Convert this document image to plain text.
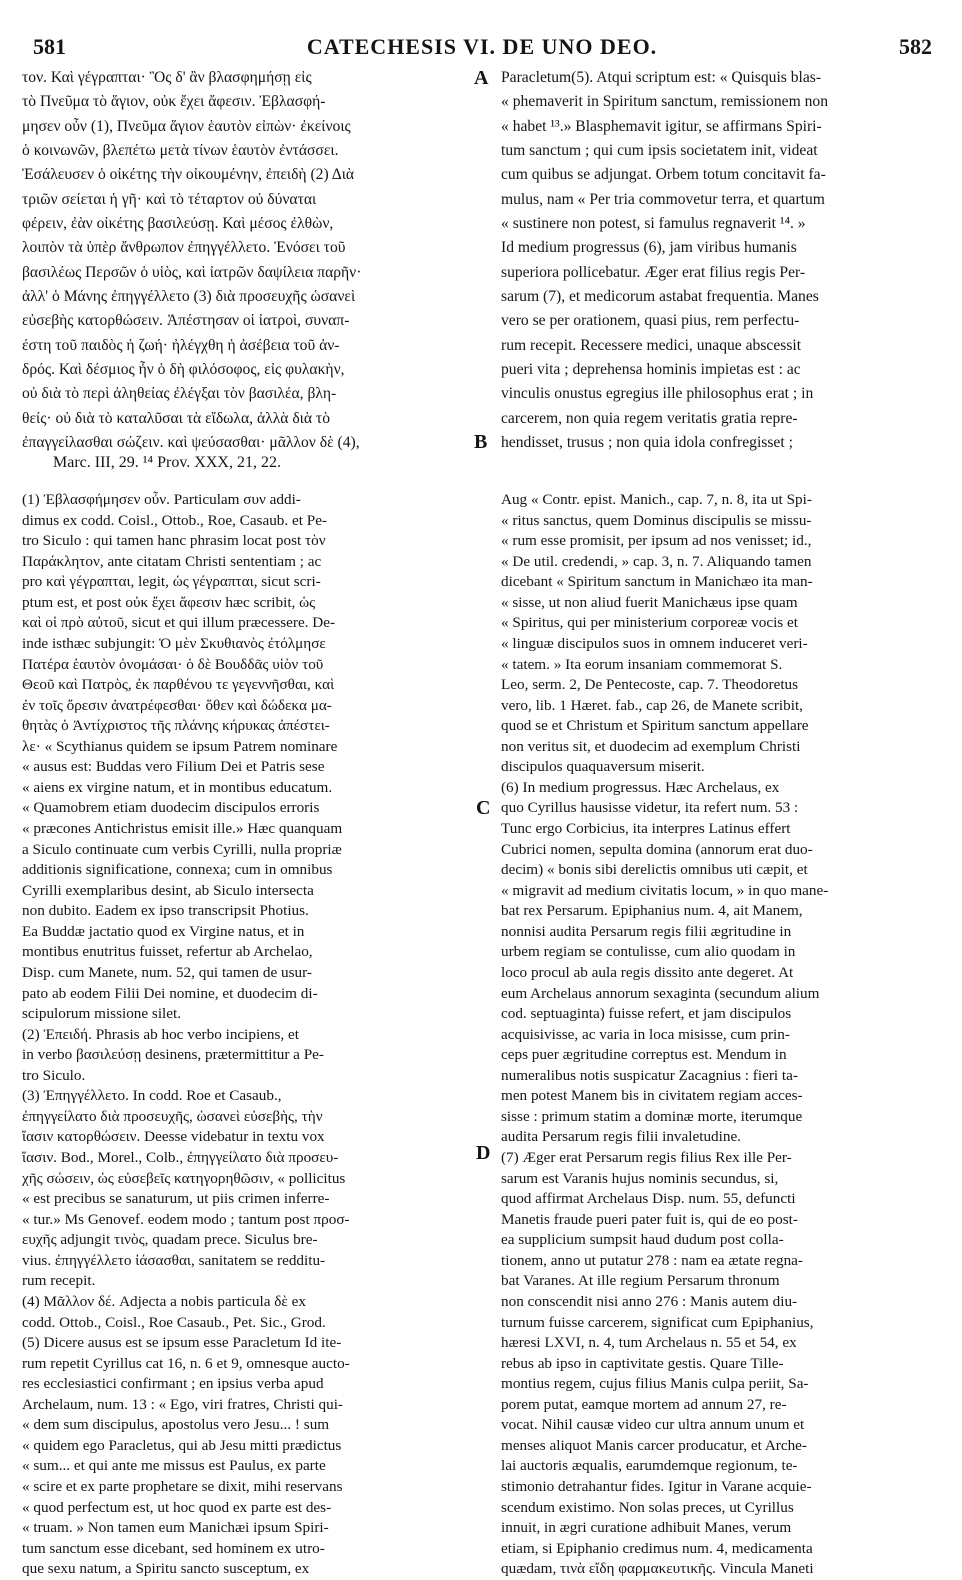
581	CATECHESIS VI. DE UNO DEO.	582
τον. Καὶ γέγραπται· Ὃς δ' ἂν βλασφημήσῃ εἰς
τὸ Πνεῦμα τὸ ἅγιον, οὐκ ἔχει ἄφεσιν. Ἐβλασφή-
μησεν οὖν (1), Πνεῦμα ἅγιον ἑαυτὸν εἰπὼν· ἐκείνοις
ὁ κοινωνῶν, βλεπέτω μετὰ τίνων ἑαυτὸν ἐντάσσει.
Ἐσάλευσεν ὁ οἰκέτης τὴν οἰκουμένην, ἐπειδὴ (2) Διὰ
τριῶν σείεται ἡ γῆ· καὶ τὸ τέταρτον οὐ δύναται
φέρειν, ἐὰν οἰκέτης βασιλεύσῃ. Καὶ μέσος ἐλθὼν,
λοιπὸν τὰ ὑπὲρ ἄνθρωπον ἐπηγγέλλετο. Ἐνόσει τοῦ
βασιλέως Περσῶν ὁ υἱὸς, καὶ ἰατρῶν δαψίλεια παρῆν·
ἀλλ' ὁ Μάνης ἐπηγγέλλετο (3) διὰ προσευχῆς ὡσανεὶ
εὐσεβὴς κατορθώσειν. Ἀπέστησαν οἱ ἰατροὶ, συναπ-
έστη τοῦ παιδὸς ἡ ζωή· ἠλέγχθη ἡ ἀσέβεια τοῦ ἀν-
δρός. Καὶ δέσμιος ἦν ὁ δὴ φιλόσοφος, εἰς φυλακὴν,
οὐ διὰ τὸ περὶ ἀληθείας ἐλέγξαι τὸν βασιλέα, βλη-
θείς· οὐ διὰ τὸ καταλῦσαι τὰ εἴδωλα, ἀλλὰ διὰ τὸ
ἐπαγγείλασθαι σώζειν. καὶ ψεύσασθαι· μᾶλλον δὲ (4),
Paracletum(5). Atqui scriptum est: « Quisquis blas-
« phemaverit in Spiritum sanctum, remissionem non
« habet ¹³.» Blasphemavit igitur, se affirmans Spiri-
tum sanctum ; qui cum ipsis societatem init, videat
cum quibus se adjungat. Orbem totum concitavit fa-
mulus, nam « Per tria commovetur terra, et quartum
« sustinere non potest, si famulus regnaverit ¹⁴. »
Id medium progressus (6), jam viribus humanis
superiora pollicebatur. Æger erat filius regis Per-
sarum (7), et medicorum astabat frequentia. Manes
vero se per orationem, quasi pius, rem perfectu-
rum recepit. Recessere medici, unaque abscessit
pueri vita ; deprehensa hominis impietas est : ac
vinculis onustus egregius ille philosophus erat ; in
carcerem, non quia regem veritatis gratia repre-
hendisset, trusus ; non quia idola confregisset ;
A
B
C
D
Marc. III, 29. ¹⁴ Prov. XXX, 21, 22.
(1) Ἐβλασφήμησεν οὖν. Particulam συν addi-
dimus ex codd. Coisl., Ottob., Roe, Casaub. et Pe-
tro Siculo : qui tamen hanc phrasim locat post τὸν
Παράκλητον, ante citatam Christi sententiam ; ac
pro καὶ γέγραπται, legit, ὡς γέγραπται, sicut scri-
ptum est, et post οὐκ ἔχει ἄφεσιν hæc scribit, ὡς
καὶ οἱ πρὸ αὐτοῦ, sicut et qui illum præcessere. De-
inde isthæc subjungit: Ὁ μὲν Σκυθιανὸς ἐτόλμησε
Πατέρα ἑαυτὸν ὀνομάσαι· ὁ δὲ Βουδδᾶς υἱὸν τοῦ
Θεοῦ καὶ Πατρὸς, ἐκ παρθένου τε γεγεννῆσθαι, καὶ
ἐν τοῖς ὄρεσιν ἀνατρέφεσθαι· ὅθεν καὶ δώδεκα μα-
θητὰς ὁ Ἀντίχριστος τῆς πλάνης κήρυκας ἀπέστει-
λε· « Scythianus quidem se ipsum Patrem nominare
« ausus est: Buddas vero Filium Dei et Patris sese
« aiens ex virgine natum, et in montibus educatum.
« Quamobrem etiam duodecim discipulos erroris
« præcones Antichristus emisit ille.» Hæc quanquam
a Siculo continuate cum verbis Cyrilli, nulla propriæ
additionis significatione, connexa; cum in omnibus
Cyrilli exemplaribus desint, ab Siculo intersecta
non dubito. Eadem ex ipso transcripsit Photius.
Ea Buddæ jactatio quod ex Virgine natus, et in
montibus enutritus fuisset, refertur ab Archelao,
Disp. cum Manete, num. 52, qui tamen de usur-
pato ab eodem Filii Dei nomine, et duodecim di-
scipulorum missione silet.
(2) Ἐπειδή. Phrasis ab hoc verbo incipiens, et
in verbo βασιλεύσῃ desinens, prætermittitur a Pe-
tro Siculo.
(3) Ἐπηγγέλλετο. In codd. Roe et Casaub.,
ἐπηγγείλατο διὰ προσευχῆς, ὡσανεὶ εὐσεβὴς, τὴν
ἴασιν κατορθώσειν. Deesse videbatur in textu vox
ἴασιν. Bod., Morel., Colb., ἐπηγγείλατο διὰ προσευ-
χῆς σώσειν, ὡς εὐσεβεῖς κατηγορηθῶσιν, « pollicitus
« est precibus se sanaturum, ut piis crimen inferre-
« tur.» Ms Genovef. eodem modo ; tantum post προσ-
ευχῆς adjungit τινὸς, quadam prece. Siculus bre-
vius. ἐπηγγέλλετο ἰάσασθαι, sanitatem se redditu-
rum recepit.
(4) Μᾶλλον δέ. Adjecta a nobis particula δὲ ex
codd. Ottob., Coisl., Roe Casaub., Pet. Sic., Grod.
(5) Dicere ausus est se ipsum esse Paracletum Id ite-
rum repetit Cyrillus cat 16, n. 6 et 9, omnesque aucto-
res ecclesiastici confirmant ; en ipsius verba apud
Archelaum, num. 13 : « Ego, viri fratres, Christi qui-
« dem sum discipulus, apostolus vero Jesu... ! sum
« quidem ego Paracletus, qui ab Jesu mitti prædictus
« sum... et qui ante me missus est Paulus, ex parte
« scire et ex parte prophetare se dixit, mihi reservans
« quod perfectum est, ut hoc quod ex parte est des-
« truam. » Non tamen eum Manichæi ipsum Spiri-
tum sanctum esse dicebant, sed hominem ex utro-
que sexu natum, a Spiritu sancto susceptum, ex
Aug « Contr. epist. Manich., cap. 7, n. 8, ita ut Spi-
« ritus sanctus, quem Dominus discipulis se missu-
« rum esse promisit, per ipsum ad nos venisset; id.,
« De util. credendi, » cap. 3, n. 7. Aliquando tamen
dicebant « Spiritum sanctum in Manichæo ita man-
« sisse, ut non aliud fuerit Manichæus ipse quam
« Spiritus, qui per ministerium corporeæ vocis et
« linguæ discipulos suos in omnem induceret veri-
« tatem. » Ita eorum insaniam commemorat S.
Leo, serm. 2, De Pentecoste, cap. 7. Theodoretus
vero, lib. 1 Hæret. fab., cap 26, de Manete scribit,
quod se et Christum et Spiritum sanctum appellare
non veritus sit, et duodecim ad exemplum Christi
discipulos quaquaversum miserit.
(6) In medium progressus. Hæc Archelaus, ex
quo Cyrillus hausisse videtur, ita refert num. 53 :
Tunc ergo Corbicius, ita interpres Latinus effert
Cubrici nomen, sepulta domina (annorum erat duo-
decim) « bonis sibi derelictis omnibus uti cæpit, et
« migravit ad medium civitatis locum, » in quo mane-
bat rex Persarum. Epiphanius num. 4, ait Manem,
nonnisi audita Persarum regis filii ægritudine in
urbem regiam se contulisse, cum alio quodam in
loco procul ab aula regis dissito ante degeret. At
eum Archelaus annorum sexaginta (secundum alium
cod. septuaginta) fuisse refert, et jam discipulos
acquisivisse, ac varia in loca misisse, cum prin-
ceps puer ægritudine correptus est. Mendum in
numeralibus notis suspicatur Zacagnius : fieri ta-
men potest Manem bis in civitatem regiam acces-
sisse : primum statim a dominæ morte, iterumque
audita Persarum regis filii invaletudine.
(7) Æger erat Persarum regis filius Rex ille Per-
sarum est Varanis hujus nominis secundus, si,
quod affirmat Archelaus Disp. num. 55, defuncti
Manetis fraude pueri pater fuit is, qui de eo post-
ea supplicium sumpsit haud dudum post colla-
tionem, anno ut putatur 278 : nam ea ætate regna-
bat Varanes. At ille regium Persarum thronum
non conscendit nisi anno 276 : Manis autem diu-
turnum fuisse carcerem, significat cum Epiphanius,
hæresi LXVI, n. 4, tum Archelaus n. 55 et 54, ex
rebus ab ipso in captivitate gestis. Quare Tille-
montius regem, cujus filius Manis culpa periit, Sa-
porem putat, eamque mortem ad annum 27, re-
vocat. Nihil causæ video cur ultra annum unum et
menses aliquot Manis carcer producatur, et Arche-
lai auctoris æqualis, earumdemque regionum, te-
stimonio detrahantur fides. Igitur in Varane acquie-
scendum existimo. Non solas preces, ut Cyrillus
innuit, in ægri curatione adhibuit Manes, verum
etiam, si Epiphanio credimus num. 4, medicamenta
quædam, τινὰ εἴδη φαρμακευτικῆς. Vincula Maneti
